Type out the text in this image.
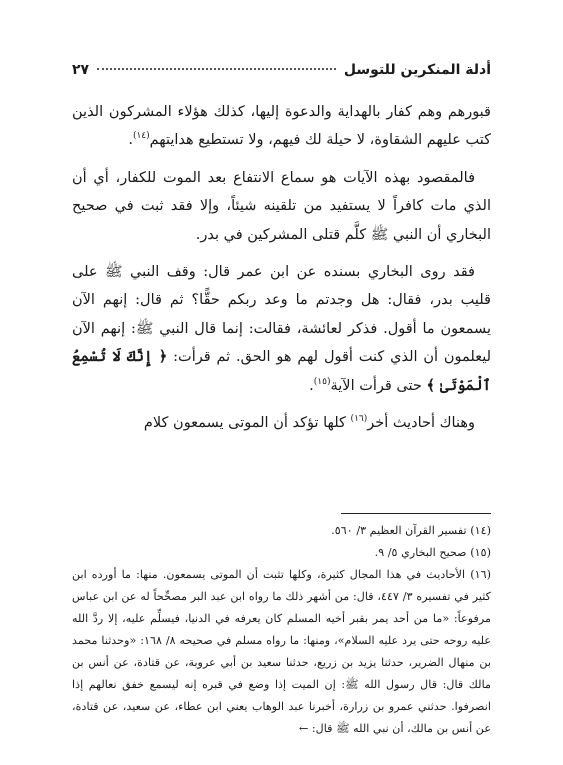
أدلة المنكرين للتوسل
٢٧

قبورهم وهم كفار بالهداية والدعوة إليها، كذلك هؤلاء المشركون الذين كتب عليهم الشقاوة، لا حيلة لك فيهم، ولا تستطيع هدايتهم$^{(١٤)}$.

فالمقصود بهذه الآيات هو سماع الانتفاع بعد الموت للكفار، أي أن الذي مات كافراً لا يستفيد من تلقينه شيئاً، وإلا فقد ثبت في صحيح البخاري أن النبي ﷺ كلَّم قتلى المشركين في بدر.

فقد روى البخاري بسنده عن ابن عمر قال: وقف النبي ﷺ على قليب بدر، فقال: هل وجدتم ما وعد ربكم حقًّا؟ ثم قال: إنهم الآن يسمعون ما أقول. فذكر لعائشة، فقالت: إنما قال النبي ﷺ: إنهم الآن ليعلمون أن الذي كنت أقول لهم هو الحق. ثم قرأت: ﴿ إِنَّكَ لَا تُسْمِعُ ٱلْمَوْتَىٰ ﴾ حتى قرأت الآية$^{(١٥)}$.

وهناك أحاديث أخر$^{(١٦)}$ كلها تؤكد أن الموتى يسمعون كلام

(١٤) تفسير القرآن العظيم ٣/ ٥٦٠.

(١٥) صحيح البخاري ٥/ ٩.

(١٦) الأحاديث في هذا المجال كثيرة، وكلها تثبت أن الموتى يسمعون. منها: ما أورده ابن كثير في تفسيره ٣/ ٤٤٧، قال: من أشهر ذلك ما رواه ابن عبد البر مصحِّحاً له عن ابن عباس مرفوعاً: «ما من أحد يمر بقبر أخيه المسلم كان يعرفه في الدنيا، فيسلِّم عليه، إلا ردَّ الله عليه روحه حتى يرد عليه السلام»، ومنها: ما رواه مسلم في صحيحه ٨/ ١٦٨: «وحدثنا محمد بن منهال الضرير، حدثنا يزيد بن زريع، حدثنا سعيد بن أبي عروبة، عن قتادة، عن أنس بن مالك قال: قال رسول الله ﷺ: إن الميت إذا وضع في قبره إنه ليسمع خفق نعالهم إذا انصرفوا. حدثني عمرو بن زرارة، أخبرنا عبد الوهاب يعني ابن عطاء، عن سعيد، عن قتادة، عن أنس بن مالك، أن نبي الله ﷺ قال: ←
